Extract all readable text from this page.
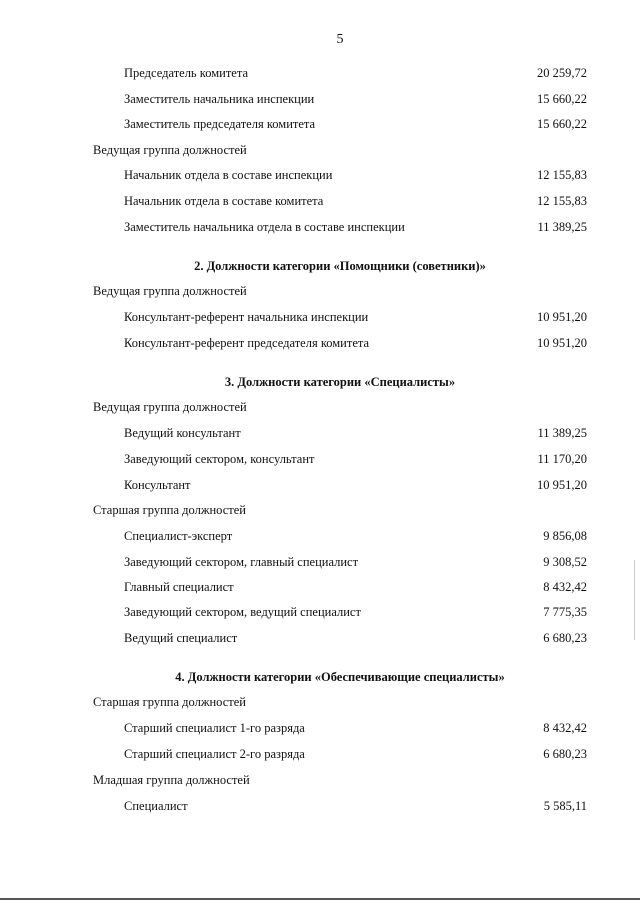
5
Председатель комитета	20 259,72
Заместитель начальника инспекции	15 660,22
Заместитель председателя комитета	15 660,22
Ведущая группа должностей
Начальник отдела в составе инспекции	12 155,83
Начальник отдела в составе комитета	12 155,83
Заместитель начальника отдела в составе инспекции	11 389,25
2. Должности категории «Помощники (советники)»
Ведущая группа должностей
Консультант-референт начальника инспекции	10 951,20
Консультант-референт председателя комитета	10 951,20
3. Должности категории «Специалисты»
Ведущая группа должностей
Ведущий консультант	11 389,25
Заведующий сектором, консультант	11 170,20
Консультант	10 951,20
Старшая группа должностей
Специалист-эксперт	9 856,08
Заведующий сектором, главный специалист	9 308,52
Главный специалист	8 432,42
Заведующий сектором, ведущий специалист	7 775,35
Ведущий специалист	6 680,23
4. Должности категории «Обеспечивающие специалисты»
Старшая группа должностей
Старший специалист 1-го разряда	8 432,42
Старший специалист 2-го разряда	6 680,23
Младшая группа должностей
Специалист	5 585,11
